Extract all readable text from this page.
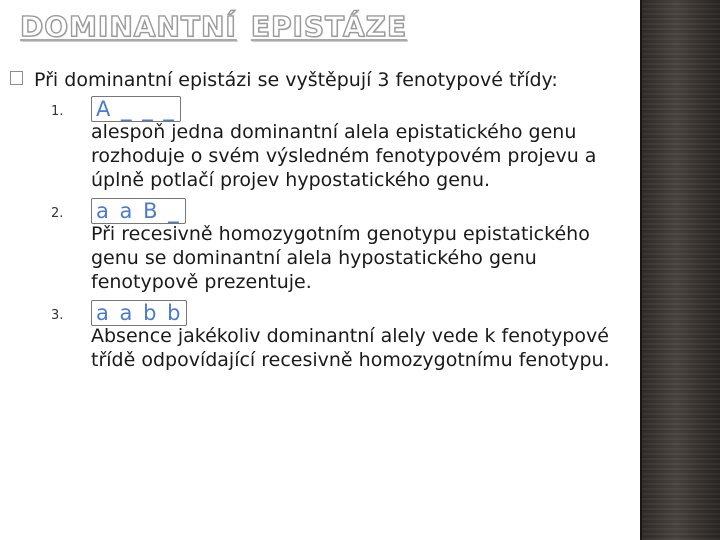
DOMINANTNÍ EPISTÁZE

Při dominantní epistázi se vyštěpují 3 fenotypové třídy:

1. A _ _ _

alespoň jedna dominantní alela epistatického genu rozhoduje o svém výsledném fenotypovém projevu a úplně potlačí projev hypostatického genu.

2. a a B _

Při recesivně homozygotním genotypu epistatického genu se dominantní alela hypostatického genu fenotypově prezentuje.

3. a a b b

Absence jakékoliv dominantní alely vede k fenotypové třídě odpovídající recesivně homozygotnímu fenotypu.
